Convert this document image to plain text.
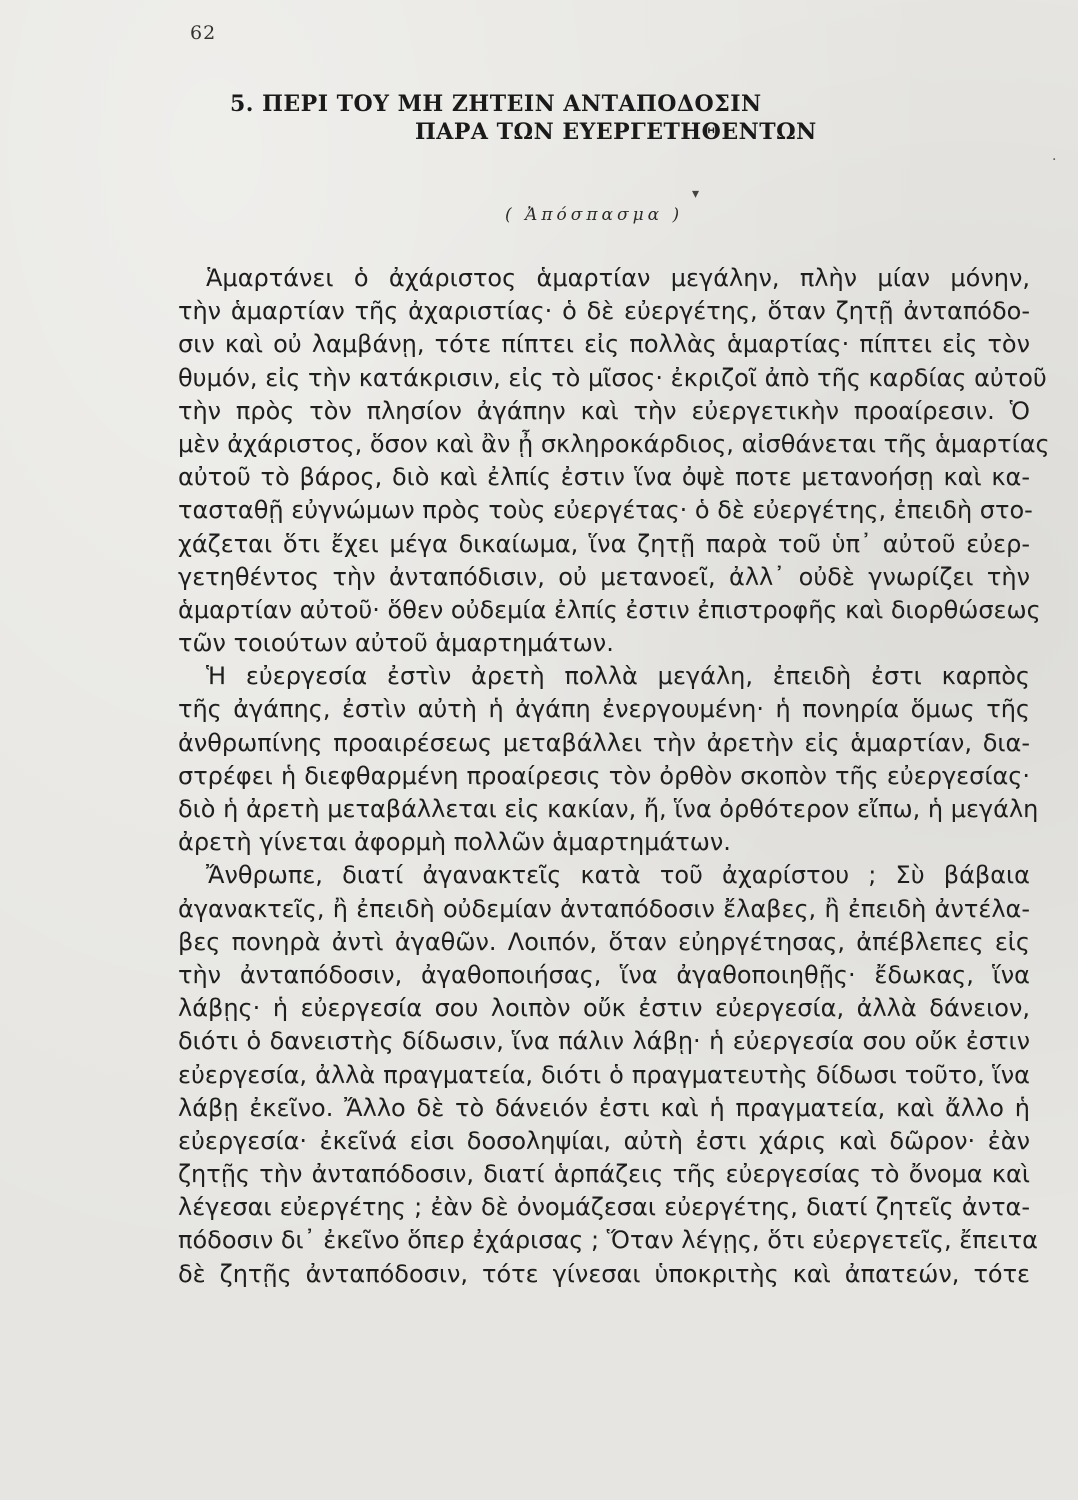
62
5. ΠΕΡΙ ΤΟΥ ΜΗ ΖΗΤΕΙΝ ΑΝΤΑΠΟΔΟΣΙΝ
ΠΑΡΑ ΤΩΝ ΕΥΕΡΓΕΤΗΘΕΝΤΩΝ
▾
·
( Ἀπόσπασμα )
Ἁμαρτάνει ὁ ἀχάριστος ἁμαρτίαν μεγάλην, πλὴν μίαν μόνην,
τὴν ἁμαρτίαν τῆς ἀχαριστίας· ὁ δὲ εὐεργέτης, ὅταν ζητῇ ἀνταπόδο-
σιν καὶ οὐ λαμβάνῃ, τότε πίπτει εἰς πολλὰς ἁμαρτίας· πίπτει εἰς τὸν
θυμόν, εἰς τὴν κατάκρισιν, εἰς τὸ μῖσος· ἐκριζοῖ ἀπὸ τῆς καρδίας αὐτοῦ
τὴν πρὸς τὸν πλησίον ἀγάπην καὶ τὴν εὐεργετικὴν προαίρεσιν. Ὁ
μὲν ἀχάριστος, ὅσον καὶ ἂν ᾖ σκληροκάρδιος, αἰσθάνεται τῆς ἁμαρτίας
αὐτοῦ τὸ βάρος, διὸ καὶ ἐλπίς ἐστιν ἵνα ὀψὲ ποτε μετανοήσῃ καὶ κα-
τασταθῇ εὐγνώμων πρὸς τοὺς εὐεργέτας· ὁ δὲ εὐεργέτης, ἐπειδὴ στο-
χάζεται ὅτι ἔχει μέγα δικαίωμα, ἵνα ζητῇ παρὰ τοῦ ὑπ᾽ αὐτοῦ εὐερ-
γετηθέντος τὴν ἀνταπόδισιν, οὐ μετανοεῖ, ἀλλ᾽ οὐδὲ γνωρίζει τὴν
ἁμαρτίαν αὐτοῦ· ὅθεν οὐδεμία ἐλπίς ἐστιν ἐπιστροφῆς καὶ διορθώσεως
τῶν τοιούτων αὐτοῦ ἁμαρτημάτων.
Ἡ εὐεργεσία ἐστὶν ἀρετὴ πολλὰ μεγάλη, ἐπειδὴ ἐστι καρπὸς
τῆς ἀγάπης, ἐστὶν αὐτὴ ἡ ἀγάπη ἐνεργουμένη· ἡ πονηρία ὅμως τῆς
ἀνθρωπίνης προαιρέσεως μεταβάλλει τὴν ἀρετὴν εἰς ἁμαρτίαν, δια-
στρέφει ἡ διεφθαρμένη προαίρεσις τὸν ὀρθὸν σκοπὸν τῆς εὐεργεσίας·
διὸ ἡ ἀρετὴ μεταβάλλεται εἰς κακίαν, ἤ, ἵνα ὀρθότερον εἴπω, ἡ μεγάλη
ἀρετὴ γίνεται ἀφορμὴ πολλῶν ἁμαρτημάτων.
Ἄνθρωπε, διατί ἀγανακτεῖς κατὰ τοῦ ἀχαρίστου ; Σὺ βάβαια
ἀγανακτεῖς, ἢ ἐπειδὴ οὐδεμίαν ἀνταπόδοσιν ἔλαβες, ἢ ἐπειδὴ ἀντέλα-
βες πονηρὰ ἀντὶ ἀγαθῶν. Λοιπόν, ὅταν εὐηργέτησας, ἀπέβλεπες εἰς
τὴν ἀνταπόδοσιν, ἀγαθοποιήσας, ἵνα ἀγαθοποιηθῇς· ἔδωκας, ἵνα
λάβῃς· ἡ εὐεργεσία σου λοιπὸν οὔκ ἐστιν εὐεργεσία, ἀλλὰ δάνειον,
διότι ὁ δανειστὴς δίδωσιν, ἵνα πάλιν λάβῃ· ἡ εὐεργεσία σου οὔκ ἐστιν
εὐεργεσία, ἀλλὰ πραγματεία, διότι ὁ πραγματευτὴς δίδωσι τοῦτο, ἵνα
λάβῃ ἐκεῖνο. Ἄλλο δὲ τὸ δάνειόν ἐστι καὶ ἡ πραγματεία, καὶ ἄλλο ἡ
εὐεργεσία· ἐκεῖνά εἰσι δοσοληψίαι, αὐτὴ ἐστι χάρις καὶ δῶρον· ἐὰν
ζητῇς τὴν ἀνταπόδοσιν, διατί ἁρπάζεις τῆς εὐεργεσίας τὸ ὄνομα καὶ
λέγεσαι εὐεργέτης ; ἐὰν δὲ ὀνομάζεσαι εὐεργέτης, διατί ζητεῖς ἀντα-
πόδοσιν δι᾽ ἐκεῖνο ὅπερ ἐχάρισας ; Ὅταν λέγῃς, ὅτι εὐεργετεῖς, ἔπειτα
δὲ ζητῇς ἀνταπόδοσιν, τότε γίνεσαι ὑποκριτὴς καὶ ἀπατεών, τότε
